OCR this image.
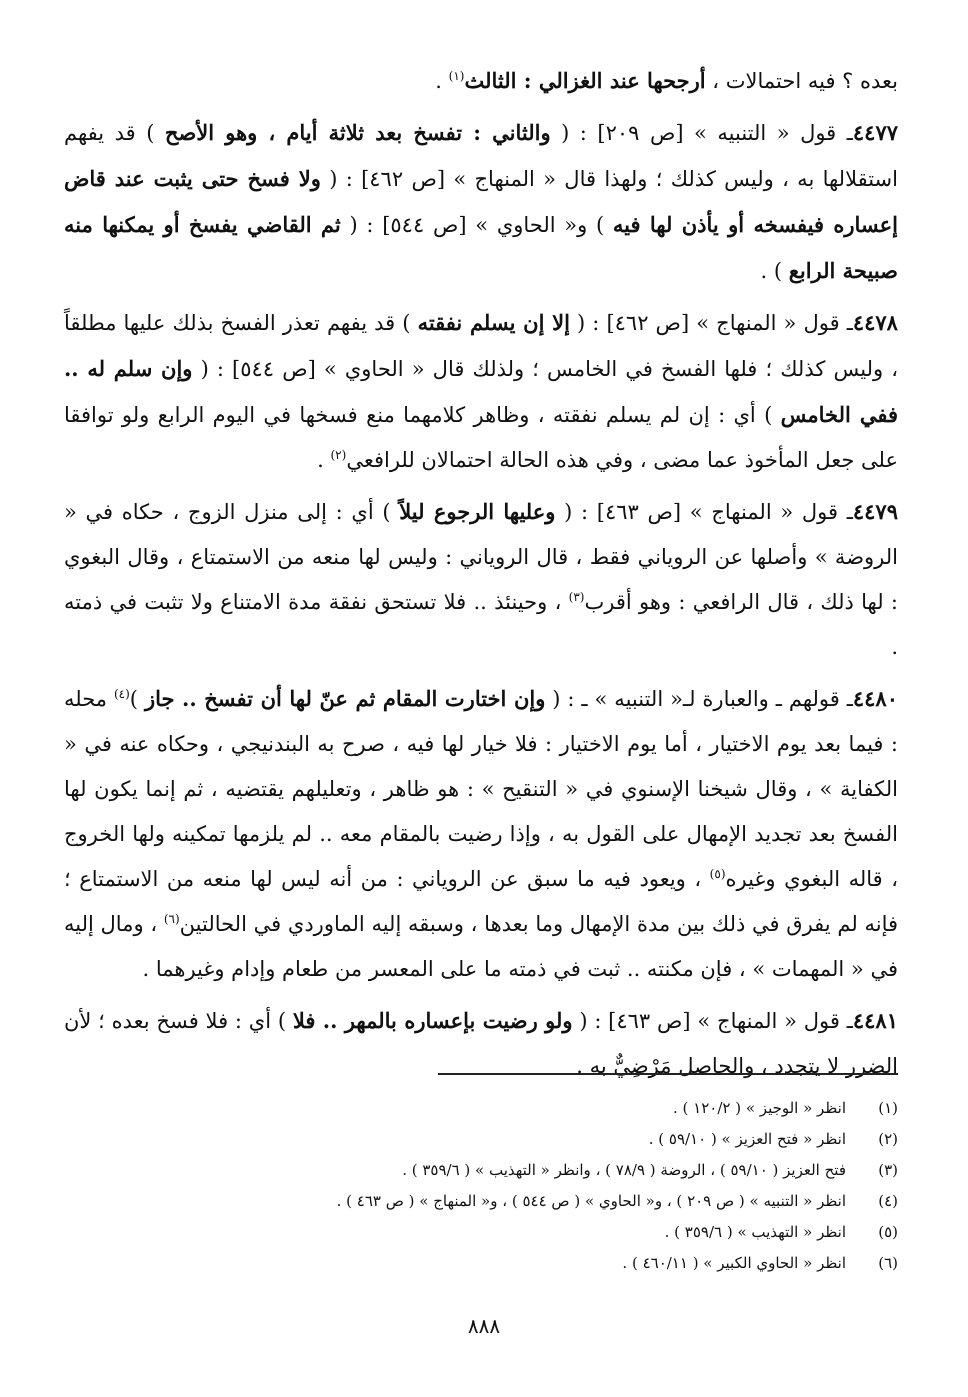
بعده ؟ فيه احتمالات ، أرجحها عند الغزالي : الثالث$^{(١)}$ .

٤٤٧٧ـ قول « التنبيه » [ص ٢٠٩] : ( والثاني : تفسخ بعد ثلاثة أيام ، وهو الأصح ) قد يفهم استقلالها به ، وليس كذلك ؛ ولهذا قال « المنهاج » [ص ٤٦٢] : ( ولا فسخ حتى يثبت عند قاض إعساره فيفسخه أو يأذن لها فيه ) و« الحاوي » [ص ٥٤٤] : ( ثم القاضي يفسخ أو يمكنها منه صبيحة الرابع ) .

٤٤٧٨ـ قول « المنهاج » [ص ٤٦٢] : ( إلا إن يسلم نفقته ) قد يفهم تعذر الفسخ بذلك عليها مطلقاً ، وليس كذلك ؛ فلها الفسخ في الخامس ؛ ولذلك قال « الحاوي » [ص ٥٤٤] : ( وإن سلم له .. ففي الخامس ) أي : إن لم يسلم نفقته ، وظاهر كلامهما منع فسخها في اليوم الرابع ولو توافقا على جعل المأخوذ عما مضى ، وفي هذه الحالة احتمالان للرافعي$^{(٢)}$ .

٤٤٧٩ـ قول « المنهاج » [ص ٤٦٣] : ( وعليها الرجوع ليلاً ) أي : إلى منزل الزوج ، حكاه في « الروضة » وأصلها عن الروياني فقط ، قال الروياني : وليس لها منعه من الاستمتاع ، وقال البغوي : لها ذلك ، قال الرافعي : وهو أقرب$^{(٣)}$ ، وحينئذ .. فلا تستحق نفقة مدة الامتناع ولا تثبت في ذمته .

٤٤٨٠ـ قولهم ـ والعبارة لـ« التنبيه » ـ : ( وإن اختارت المقام ثم عنّ لها أن تفسخ .. جاز )$^{(٤)}$ محله : فيما بعد يوم الاختيار ، أما يوم الاختيار : فلا خيار لها فيه ، صرح به البندنيجي ، وحكاه عنه في « الكفاية » ، وقال شيخنا الإسنوي في « التنقيح » : هو ظاهر ، وتعليلهم يقتضيه ، ثم إنما يكون لها الفسخ بعد تجديد الإمهال على القول به ، وإذا رضيت بالمقام معه .. لم يلزمها تمكينه ولها الخروج ، قاله البغوي وغيره$^{(٥)}$ ، ويعود فيه ما سبق عن الروياني : من أنه ليس لها منعه من الاستمتاع ؛ فإنه لم يفرق في ذلك بين مدة الإمهال وما بعدها ، وسبقه إليه الماوردي في الحالتين$^{(٦)}$ ، ومال إليه في « المهمات » ، فإن مكنته .. ثبت في ذمته ما على المعسر من طعام وإدام وغيرهما .

٤٤٨١ـ قول « المنهاج » [ص ٤٦٣] : ( ولو رضيت بإعساره بالمهر .. فلا ) أي : فلا فسخ بعده ؛ لأن الضرر لا يتجدد ، والحاصل مَرْضِيٌّ به .

(١)
انظر « الوجيز » ( ١٢٠/٢ ) .
(٢)
انظر « فتح العزيز » ( ٥٩/١٠ ) .
(٣)
فتح العزيز ( ٥٩/١٠ ) ، الروضة ( ٧٨/٩ ) ، وانظر « التهذيب » ( ٣٥٩/٦ ) .
(٤)
انظر « التنبيه » ( ص ٢٠٩ ) ، و« الحاوي » ( ص ٥٤٤ ) ، و« المنهاج » ( ص ٤٦٣ ) .
(٥)
انظر « التهذيب » ( ٣٥٩/٦ ) .
(٦)
انظر « الحاوي الكبير » ( ٤٦٠/١١ ) .
٨٨٨
